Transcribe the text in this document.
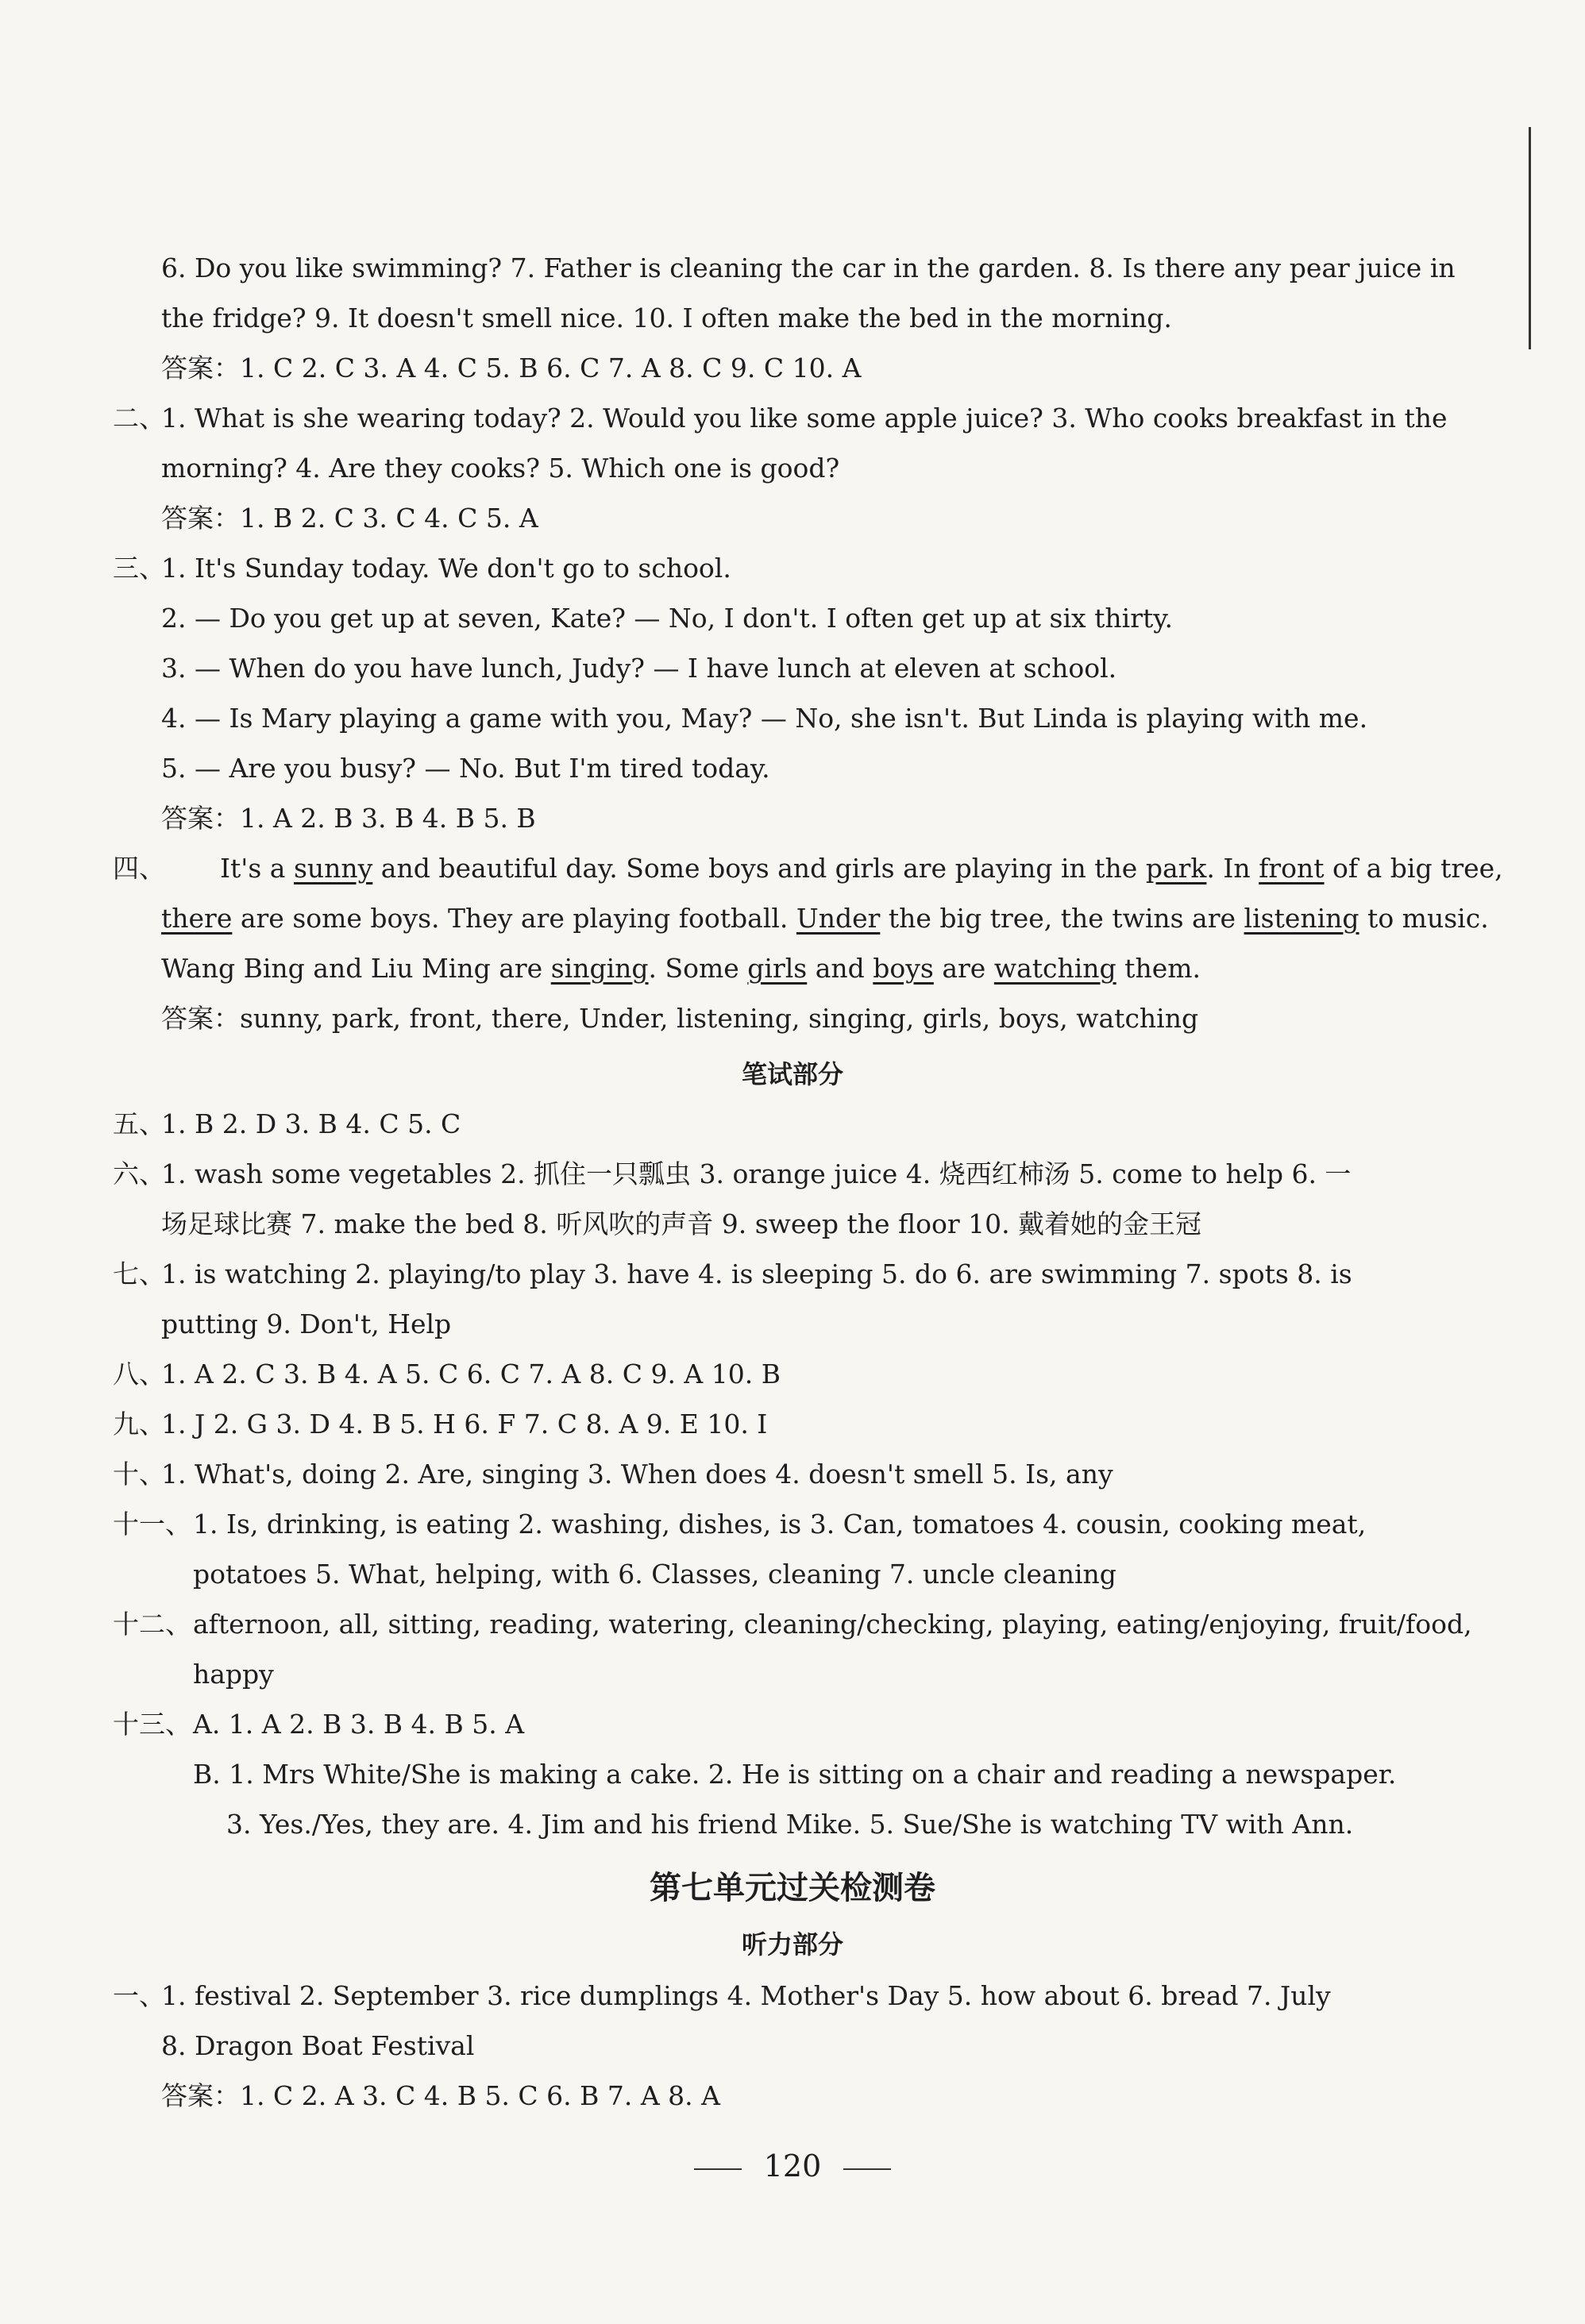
6. Do you like swimming? 7. Father is cleaning the car in the garden. 8. Is there any pear juice in
the fridge? 9. It doesn't smell nice. 10. I often make the bed in the morning.
答案：1. C 2. C 3. A 4. C 5. B 6. C 7. A 8. C 9. C 10. A
二、
1. What is she wearing today? 2. Would you like some apple juice? 3. Who cooks breakfast in the
morning? 4. Are they cooks? 5. Which one is good?
答案：1. B 2. C 3. C 4. C 5. A
三、
1. It's Sunday today. We don't go to school.
2. — Do you get up at seven, Kate? — No, I don't. I often get up at six thirty.
3. — When do you have lunch, Judy? — I have lunch at eleven at school.
4. — Is Mary playing a game with you, May? — No, she isn't. But Linda is playing with me.
5. — Are you busy? — No. But I'm tired today.
答案：1. A 2. B 3. B 4. B 5. B
四、 It's a sunny and beautiful day. Some boys and girls are playing in the park. In front of a big tree,
there are some boys. They are playing football. Under the big tree, the twins are listening to music.
Wang Bing and Liu Ming are singing. Some girls and boys are watching them.
答案：sunny, park, front, there, Under, listening, singing, girls, boys, watching
笔试部分
五、
1. B 2. D 3. B 4. C 5. C
六、
1. wash some vegetables 2. 抓住一只瓢虫 3. orange juice 4. 烧西红柿汤 5. come to help 6. 一
场足球比赛 7. make the bed 8. 听风吹的声音 9. sweep the floor 10. 戴着她的金王冠
七、
1. is watching 2. playing/to play 3. have 4. is sleeping 5. do 6. are swimming 7. spots 8. is
putting 9. Don't, Help
八、
1. A 2. C 3. B 4. A 5. C 6. C 7. A 8. C 9. A 10. B
九、
1. J 2. G 3. D 4. B 5. H 6. F 7. C 8. A 9. E 10. I
十、
1. What's, doing 2. Are, singing 3. When does 4. doesn't smell 5. Is, any
十一、 1. Is, drinking, is eating 2. washing, dishes, is 3. Can, tomatoes 4. cousin, cooking meat,
potatoes 5. What, helping, with 6. Classes, cleaning 7. uncle cleaning
十二、 afternoon, all, sitting, reading, watering, cleaning/checking, playing, eating/enjoying, fruit/food,
happy
十三、 A. 1. A 2. B 3. B 4. B 5. A
B. 1. Mrs White/She is making a cake. 2. He is sitting on a chair and reading a newspaper.
3. Yes./Yes, they are. 4. Jim and his friend Mike. 5. Sue/She is watching TV with Ann.
第七单元过关检测卷
听力部分
一、
1. festival 2. September 3. rice dumplings 4. Mother's Day 5. how about 6. bread 7. July
8. Dragon Boat Festival
答案：1. C 2. A 3. C 4. B 5. C 6. B 7. A 8. A
120
